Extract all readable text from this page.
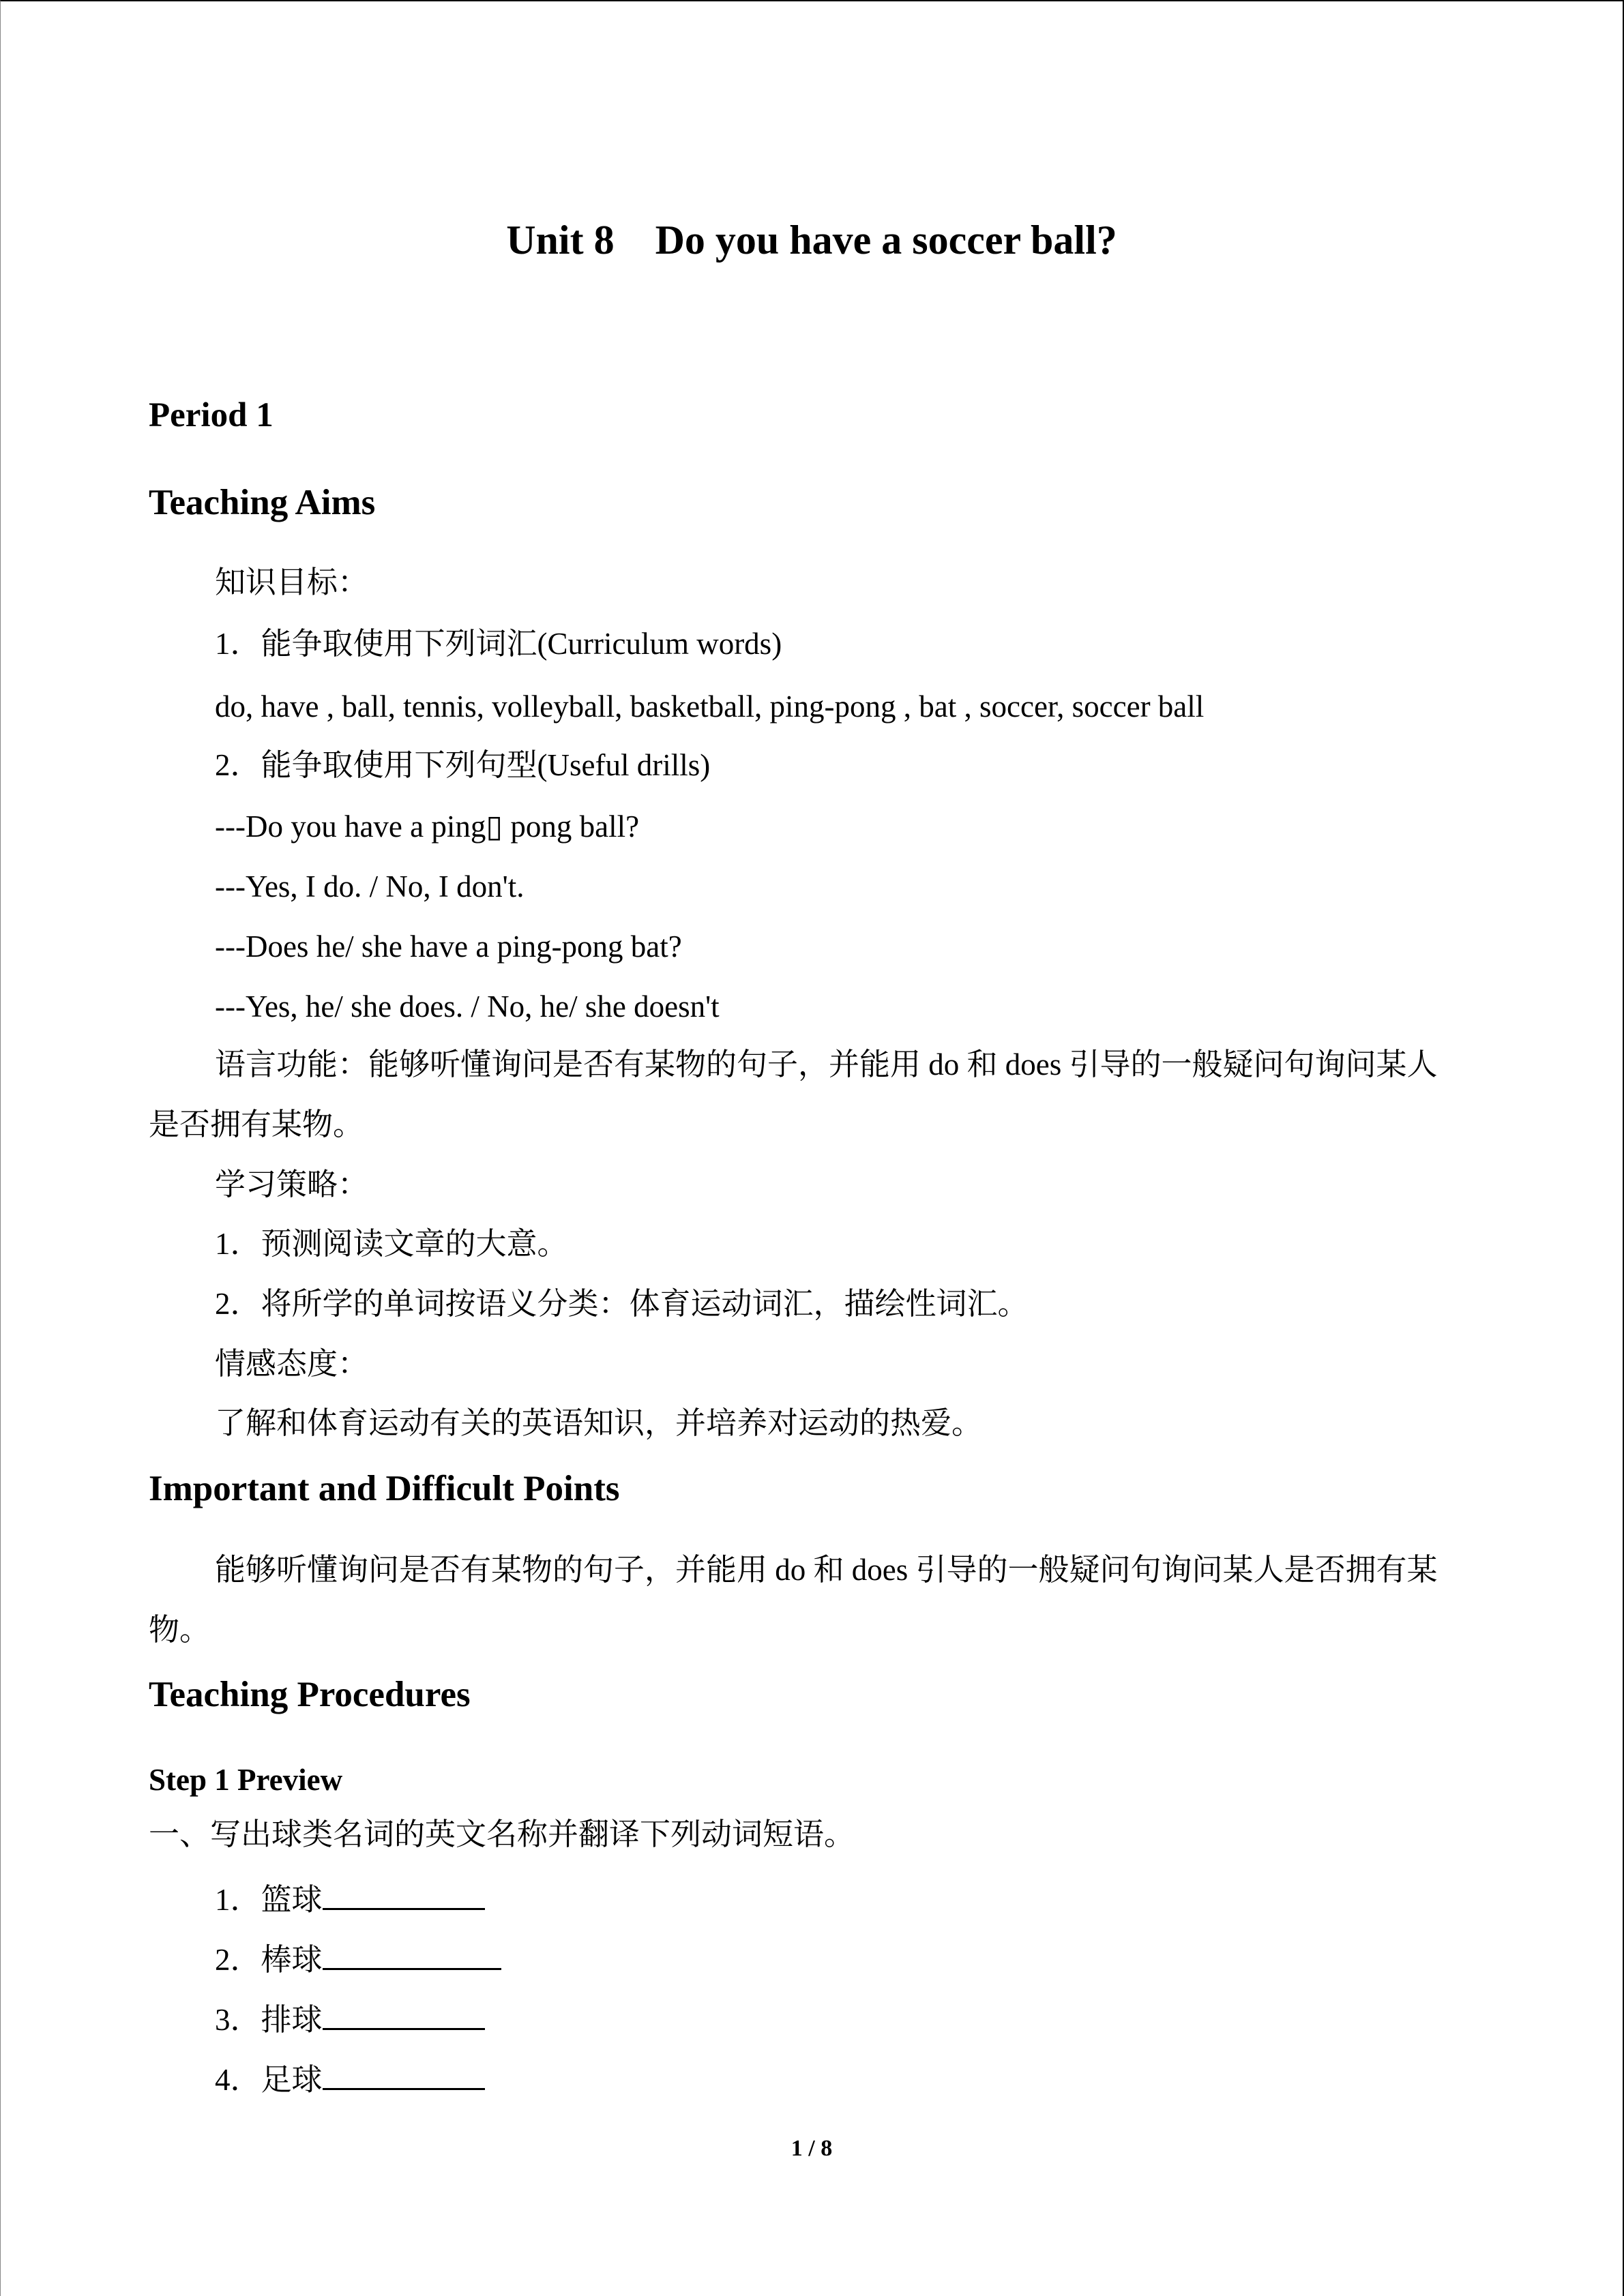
Unit 8    Do you have a soccer ball?
Period 1
Teaching Aims
知识目标：
1．能争取使用下列词汇(Curriculum words)
do, have , ball, tennis, volleyball, basketball, ping-pong , bat , soccer, soccer ball
2．能争取使用下列句型(Useful drills)
---Do you have a ping▯ pong ball?
---Yes, I do. / No, I don't.
---Does he/ she have a ping-pong bat?
---Yes, he/ she does. / No, he/ she doesn't
语言功能：能够听懂询问是否有某物的句子，并能用 do 和 does 引导的一般疑问句询问某人是否拥有某物。
学习策略：
1．预测阅读文章的大意。
2．将所学的单词按语义分类：体育运动词汇，描绘性词汇。
情感态度：
了解和体育运动有关的英语知识，并培养对运动的热爱。
Important and Difficult Points
能够听懂询问是否有某物的句子，并能用 do 和 does 引导的一般疑问句询问某人是否拥有某物。
Teaching Procedures
Step 1 Preview
一、写出球类名词的英文名称并翻译下列动词短语。
1．篮球
2．棒球
3．排球
4．足球
1 / 8
